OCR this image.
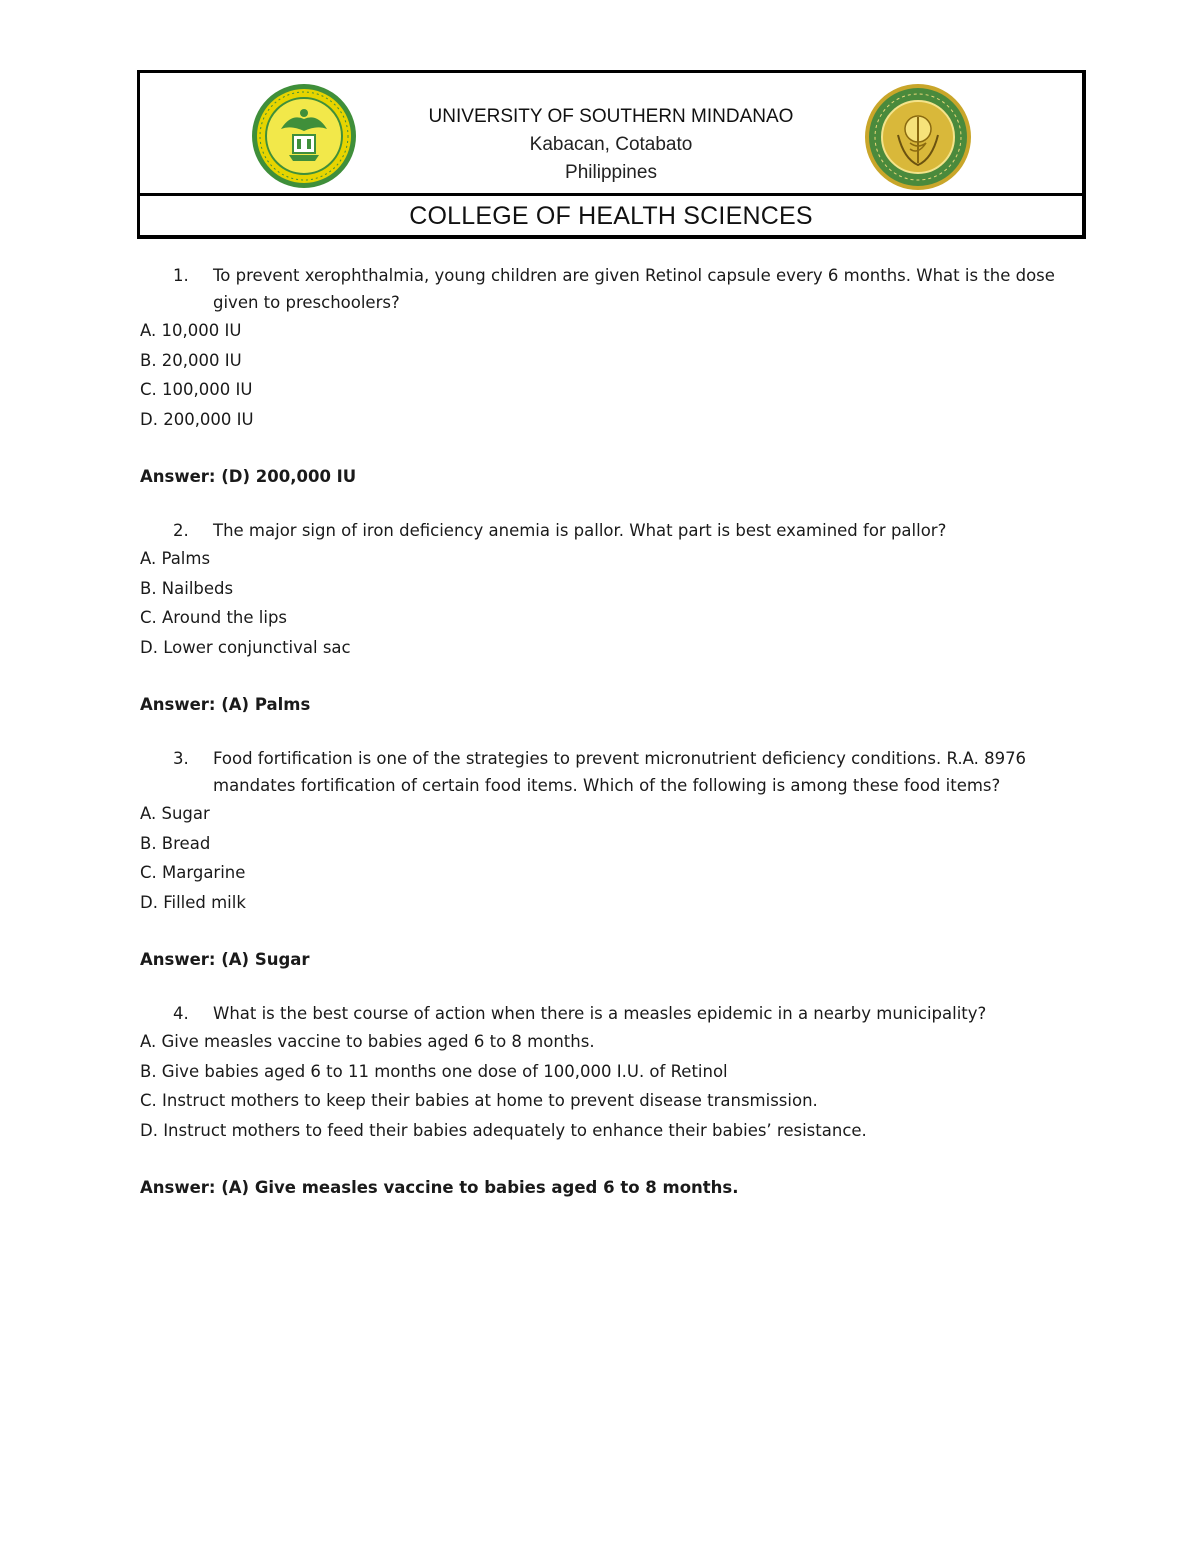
UNIVERSITY OF SOUTHERN MINDANAO
Kabacan, Cotabato
Philippines
COLLEGE OF HEALTH SCIENCES
1. To prevent xerophthalmia, young children are given Retinol capsule every 6 months. What is the dose given to preschoolers?
A. 10,000 IU
B. 20,000 IU
C. 100,000 IU
D. 200,000 IU
Answer: (D) 200,000 IU
2. The major sign of iron deficiency anemia is pallor. What part is best examined for pallor?
A. Palms
B. Nailbeds
C. Around the lips
D. Lower conjunctival sac
Answer: (A) Palms
3. Food fortification is one of the strategies to prevent micronutrient deficiency conditions. R.A. 8976 mandates fortification of certain food items. Which of the following is among these food items?
A. Sugar
B. Bread
C. Margarine
D. Filled milk
Answer: (A) Sugar
4. What is the best course of action when there is a measles epidemic in a nearby municipality?
A. Give measles vaccine to babies aged 6 to 8 months.
B. Give babies aged 6 to 11 months one dose of 100,000 I.U. of Retinol
C. Instruct mothers to keep their babies at home to prevent disease transmission.
D. Instruct mothers to feed their babies adequately to enhance their babies’ resistance.
Answer: (A) Give measles vaccine to babies aged 6 to 8 months.
